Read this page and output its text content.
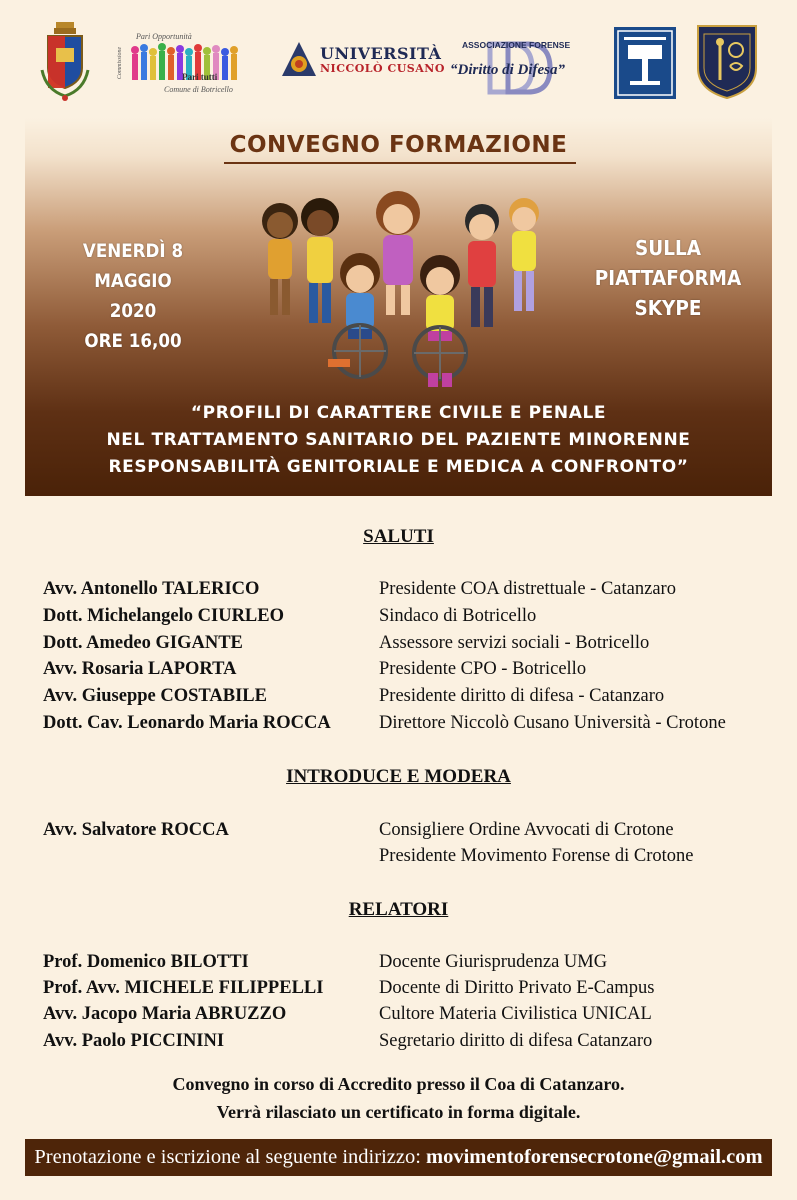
Pari Opportunità
Commissione	Pari tutti
Comune di Botricello
UNIVERSITÀ
NICCOLÒ CUSANO
ASSOCIAZIONE FORENSE
“Diritto di Difesa”
CONVEGNO FORMAZIONE
VENERDÌ 8 MAGGIO
2020
ORE 16,00
SULLA
PIATTAFORMA
SKYPE
“PROFILI DI CARATTERE CIVILE E PENALE
NEL TRATTAMENTO SANITARIO DEL PAZIENTE MINORENNE
RESPONSABILITÀ GENITORIALE E MEDICA A CONFRONTO”
SALUTI
Avv. Antonello TALERICO	Presidente COA distrettuale - Catanzaro
Dott. Michelangelo CIURLEO	Sindaco di Botricello
Dott. Amedeo GIGANTE	Assessore servizi sociali - Botricello
Avv. Rosaria LAPORTA	Presidente CPO - Botricello
Avv. Giuseppe COSTABILE	Presidente diritto di difesa - Catanzaro
Dott. Cav. Leonardo Maria ROCCA	Direttore Niccolò Cusano Università - Crotone
INTRODUCE E MODERA
Avv. Salvatore ROCCA	Consigliere Ordine Avvocati di Crotone
Presidente Movimento Forense di Crotone
RELATORI
Prof. Domenico BILOTTI	Docente Giurisprudenza UMG
Prof. Avv. MICHELE FILIPPELLI	Docente di Diritto Privato E-Campus
Avv. Jacopo Maria ABRUZZO	Cultore Materia Civilistica UNICAL
Avv. Paolo PICCININI	Segretario diritto di difesa Catanzaro
Convegno in corso di Accredito presso il Coa di Catanzaro.
Verrà rilasciato un certificato in forma digitale.
Prenotazione e iscrizione al seguente indirizzo: movimentoforensecrotone@gmail.com
